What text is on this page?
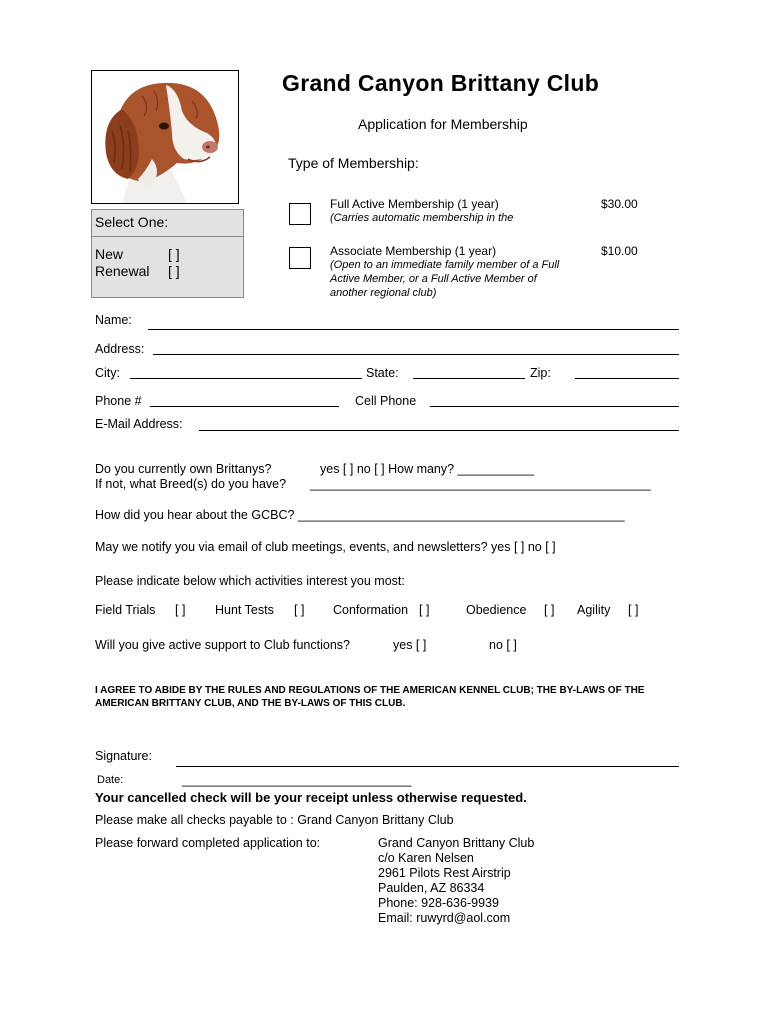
Grand Canyon Brittany Club
Application for Membership
Type of Membership:
Select One:
New	[ ]
Renewal [ ]
Full Active Membership (1 year)
(Carries automatic membership in the
$30.00
Associate Membership (1 year)
(Open to an immediate family member of a Full Active Member, or a Full Active Member of another regional club)
$10.00
Name:
Address:
City:	State:	Zip:
Phone #	Cell Phone
E-Mail Address:
Do you currently own Brittanys?	yes [ ] no [ ] How many? ___________
If not, what Breed(s) do you have? _________________________________________________
How did you hear about the GCBC? _______________________________________________
May we notify you via email of club meetings, events, and newsletters? yes [ ] no [ ]
Please indicate below which activities interest you most:
Field Trials [ ] Hunt Tests [ ] Conformation [ ]	Obedience [ ] Agility [ ]
Will you give active support to Club functions?	yes [ ]	no [ ]
I AGREE TO ABIDE BY THE RULES AND REGULATIONS OF THE AMERICAN KENNEL CLUB; THE BY-LAWS OF THE AMERICAN BRITTANY CLUB, AND THE BY-LAWS OF THIS CLUB.
Signature:
Date:	_________________________________
Your cancelled check will be your receipt unless otherwise requested.
Please make all checks payable to : Grand Canyon Brittany Club
Please forward completed application to:	Grand Canyon Brittany Club
c/o Karen Nelsen
2961 Pilots Rest Airstrip
Paulden, AZ 86334
Phone: 928-636-9939
Email: ruwyrd@aol.com
